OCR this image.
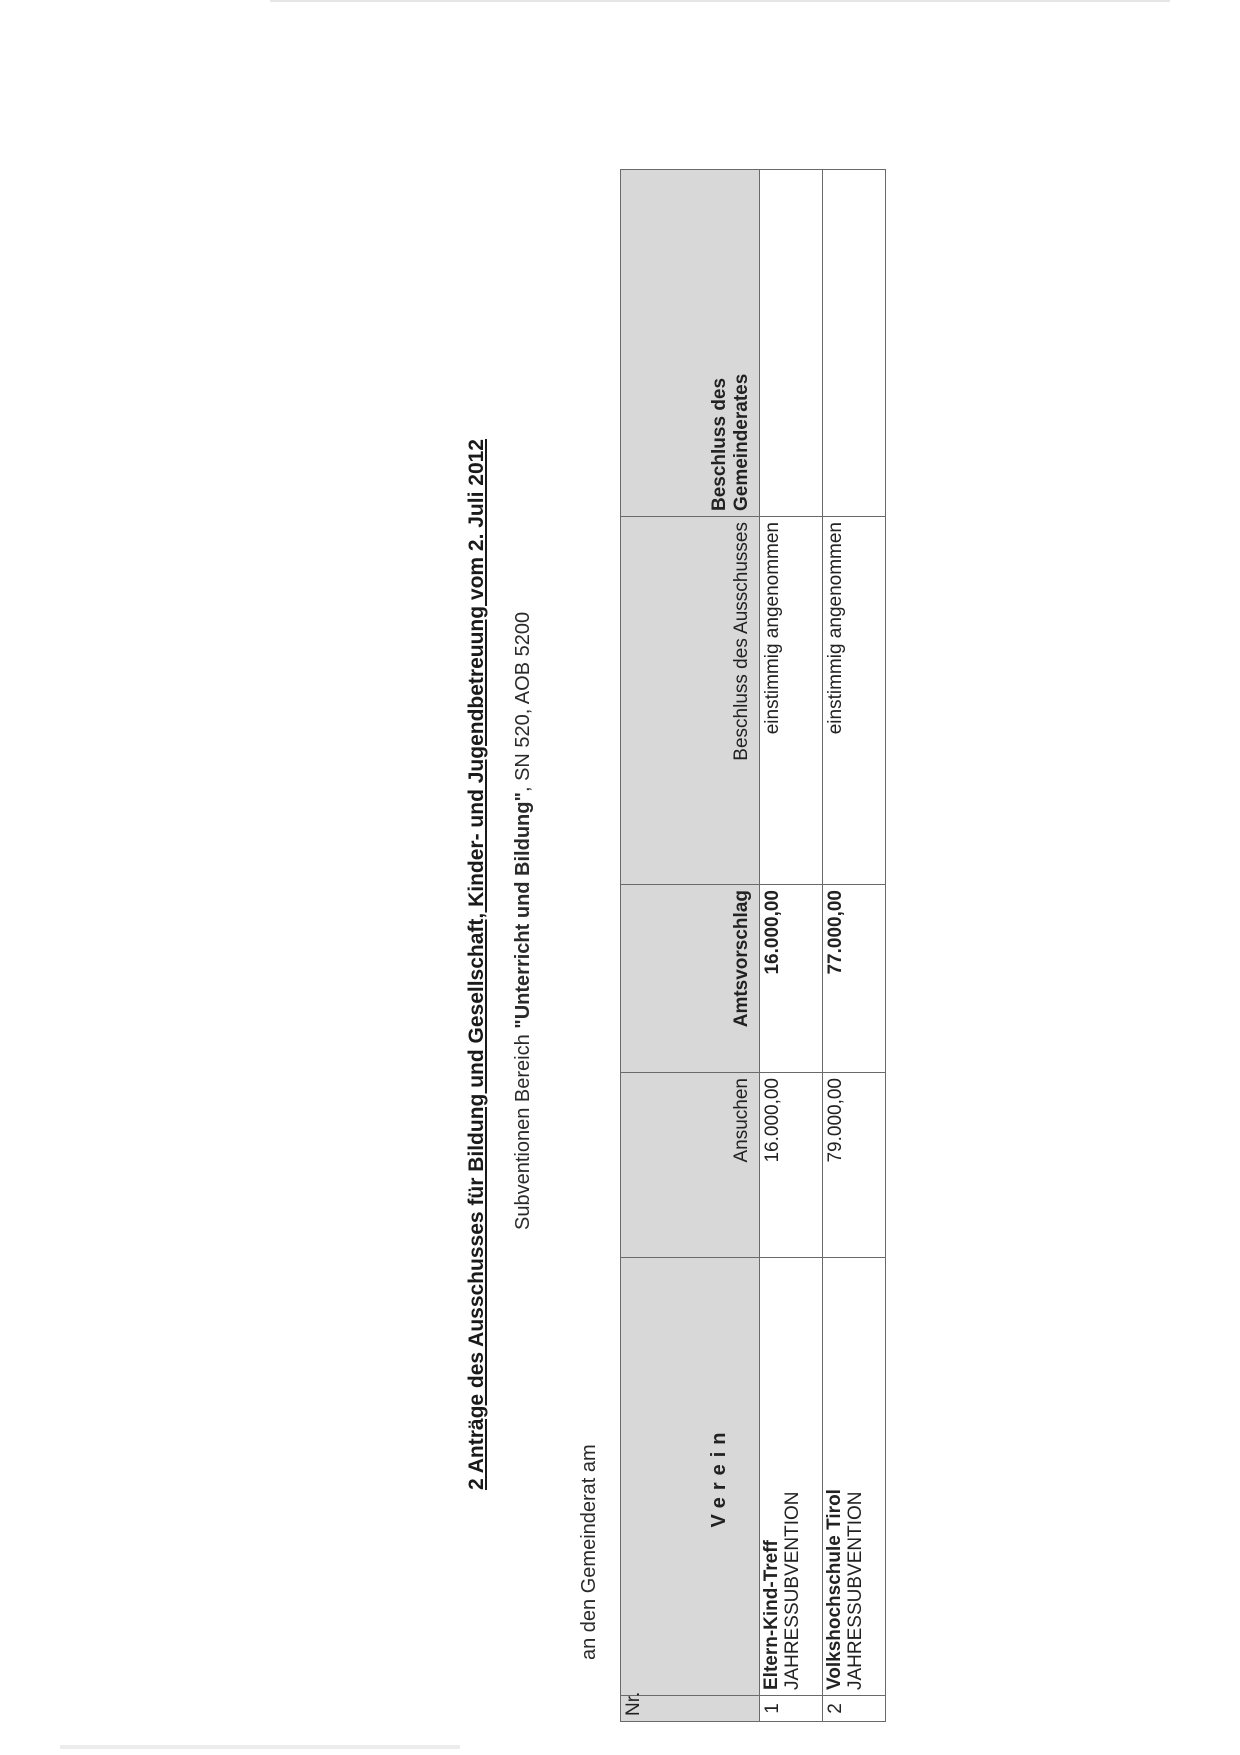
2 Anträge des Ausschusses für Bildung und Gesellschaft, Kinder- und Jugendbetreuung vom 2. Juli 2012 Subventionen Bereich "Unterricht und Bildung", SN 520, AOB 5200
an den Gemeinderat am
Nr.	Verein	Ansuchen	Amtsvorschlag	Beschluss des Ausschusses	Beschluss des
Gemeinderates
1	Eltern-Kind-Treff JAHRESSUBVENTION	16.000,00	16.000,00	einstimmig angenommen	
2	Volkshochschule Tirol JAHRESSUBVENTION	79.000,00	77.000,00	einstimmig angenommen	
